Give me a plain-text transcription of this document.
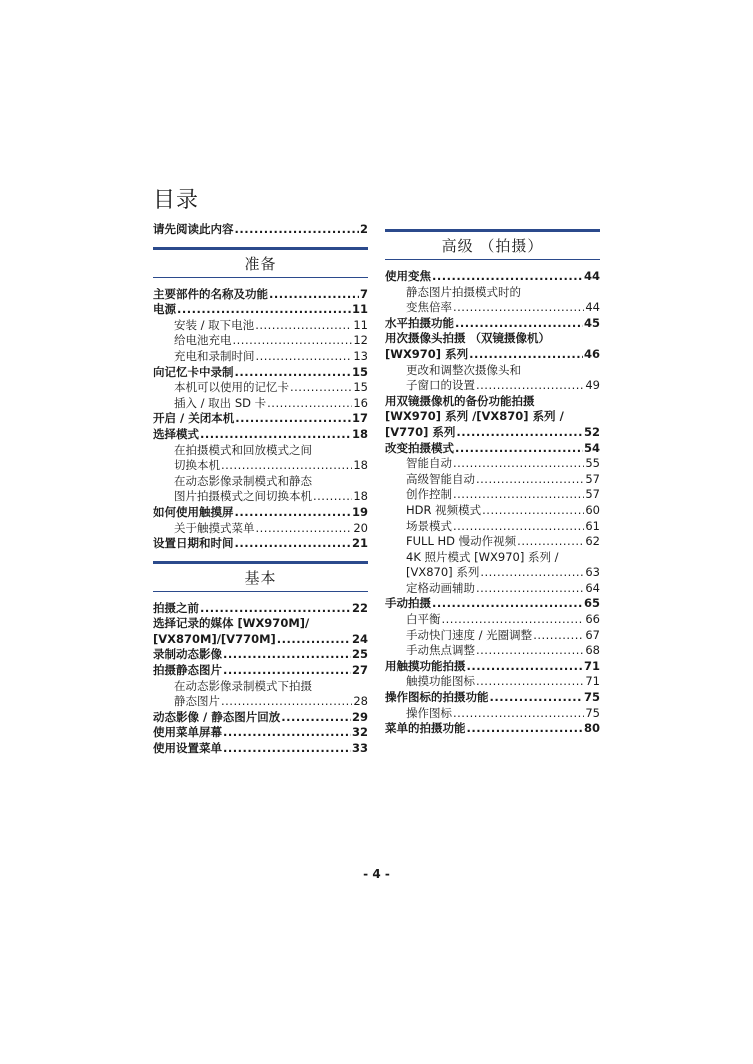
目录
请先阅读此内容 .....	2
准备
主要部件的名称及功能 .....	7
电源 .....	11
安装 / 取下电池 .....	11
给电池充电 .....	12
充电和录制时间 .....	13
向记忆卡中录制 .....	15
本机可以使用的记忆卡 .....	15
插入 / 取出 SD 卡 .....	16
开启 / 关闭本机 .....	17
选择模式 .....	18
在拍摄模式和回放模式之间
切换本机 .....	18
在动态影像录制模式和静态
图片拍摄模式之间切换本机 .....	18
如何使用触摸屏 .....	19
关于触摸式菜单 .....	20
设置日期和时间 .....	21
基本
拍摄之前 .....	22
选择记录的媒体 [WX970M]/
[VX870M]/[V770M] .....	24
录制动态影像 .....	25
拍摄静态图片 .....	27
在动态影像录制模式下拍摄
静态图片 .....	28
动态影像 / 静态图片回放 .....	29
使用菜单屏幕 .....	32
使用设置菜单 .....	33
高级 （拍摄）
使用变焦 .....	44
静态图片拍摄模式时的
变焦倍率 .....	44
水平拍摄功能 .....	45
用次摄像头拍摄 （双镜摄像机）
[WX970] 系列 .....	46
更改和调整次摄像头和
子窗口的设置 .....	49
用双镜摄像机的备份功能拍摄
[WX970] 系列 /[VX870] 系列 /
[V770] 系列 .....	52
改变拍摄模式 .....	54
智能自动 .....	55
高级智能自动 .....	57
创作控制 .....	57
HDR 视频模式 .....	60
场景模式 .....	61
FULL HD 慢动作视频 .....	62
4K 照片模式 [WX970] 系列 /
[VX870] 系列 .....	63
定格动画辅助 .....	64
手动拍摄 .....	65
白平衡 .....	66
手动快门速度 / 光圈调整 .....	67
手动焦点调整 .....	68
用触摸功能拍摄 .....	71
触摸功能图标 .....	71
操作图标的拍摄功能 .....	75
操作图标 .....	75
菜单的拍摄功能 .....	80
- 4 -
